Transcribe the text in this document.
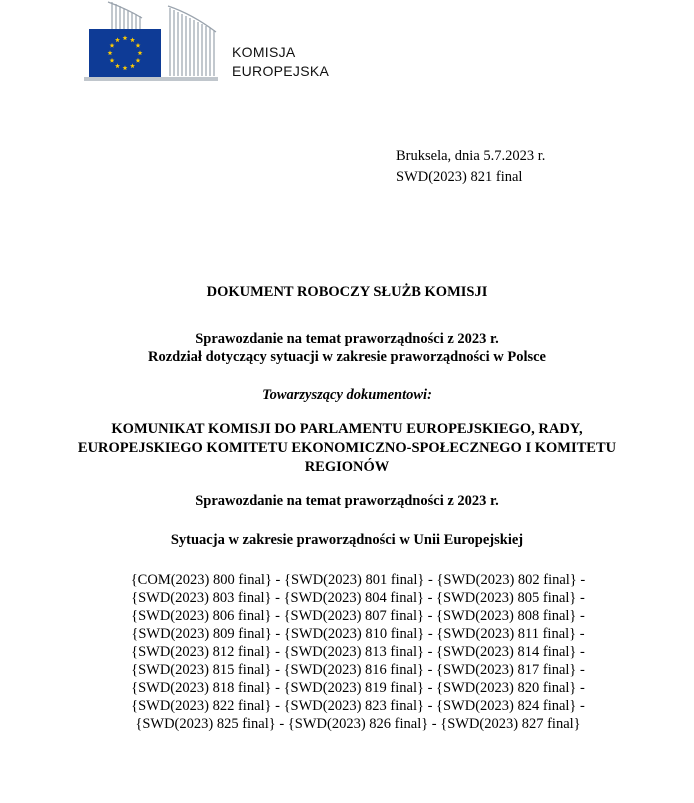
KOMISJA
EUROPEJSKA
Bruksela, dnia 5.7.2023 r.
SWD(2023) 821 final
DOKUMENT ROBOCZY SŁUŻB KOMISJI
Sprawozdanie na temat praworządności z 2023 r.
Rozdział dotyczący sytuacji w zakresie praworządności w Polsce
Towarzyszący dokumentowi:
KOMUNIKAT KOMISJI DO PARLAMENTU EUROPEJSKIEGO, RADY,
EUROPEJSKIEGO KOMITETU EKONOMICZNO-SPOŁECZNEGO I KOMITETU
REGIONÓW
Sprawozdanie na temat praworządności z 2023 r.
Sytuacja w zakresie praworządności w Unii Europejskiej
{COM(2023) 800 final} - {SWD(2023) 801 final} - {SWD(2023) 802 final} -
{SWD(2023) 803 final} - {SWD(2023) 804 final} - {SWD(2023) 805 final} -
{SWD(2023) 806 final} - {SWD(2023) 807 final} - {SWD(2023) 808 final} -
{SWD(2023) 809 final} - {SWD(2023) 810 final} - {SWD(2023) 811 final} -
{SWD(2023) 812 final} - {SWD(2023) 813 final} - {SWD(2023) 814 final} -
{SWD(2023) 815 final} - {SWD(2023) 816 final} - {SWD(2023) 817 final} -
{SWD(2023) 818 final} - {SWD(2023) 819 final} - {SWD(2023) 820 final} -
{SWD(2023) 822 final} - {SWD(2023) 823 final} - {SWD(2023) 824 final} -
{SWD(2023) 825 final} - {SWD(2023) 826 final} - {SWD(2023) 827 final}
